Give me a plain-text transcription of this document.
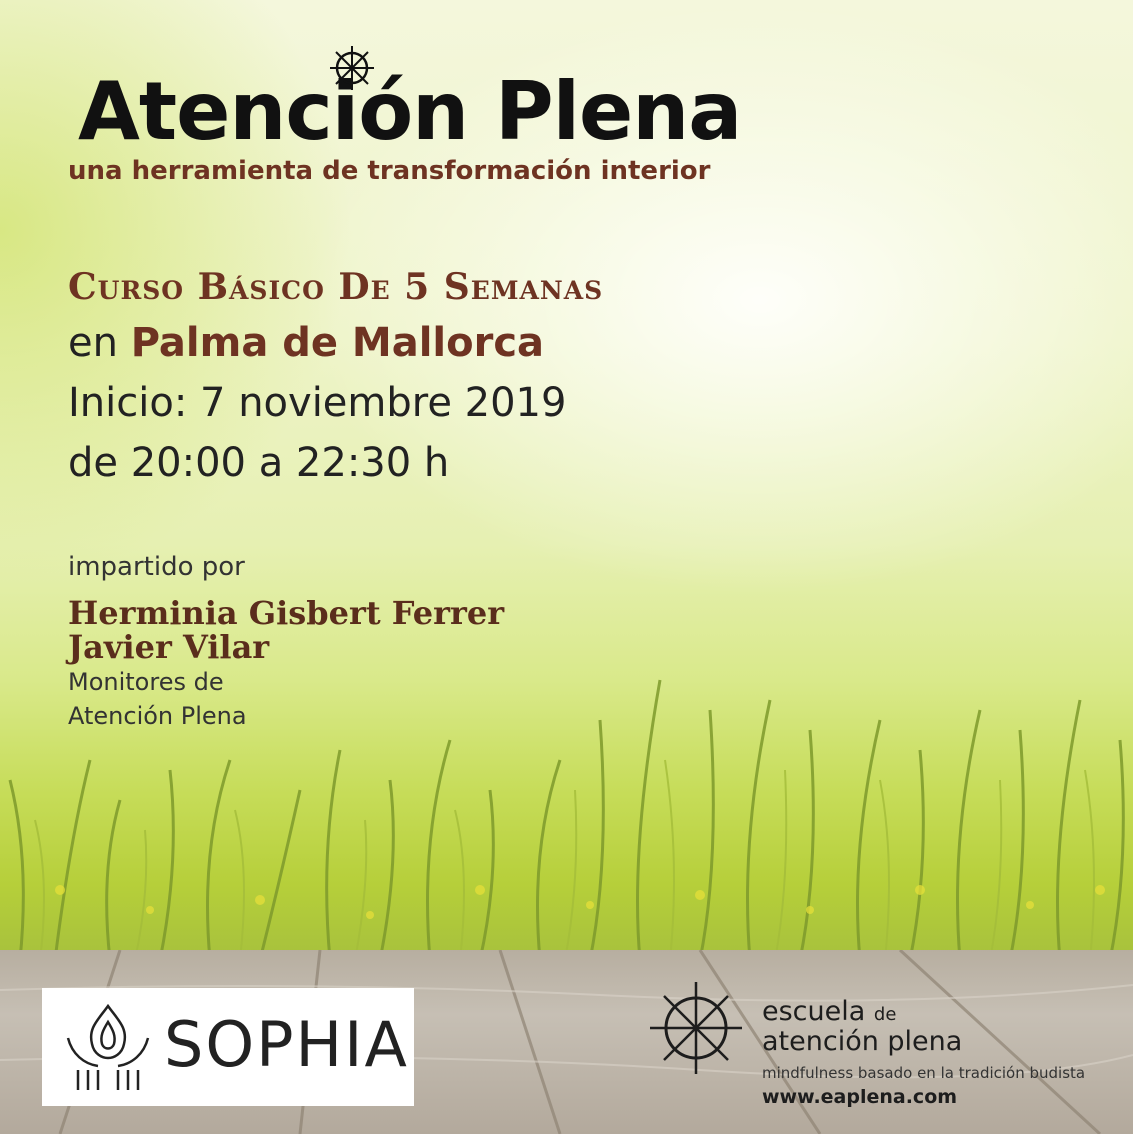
Atención Plena
una herramienta de transformación interior
Curso Básico De 5 Semanas
en Palma de Mallorca
Inicio: 7 noviembre 2019
de 20:00 a 22:30 h
impartido por
Herminia Gisbert Ferrer
Javier Vilar
Monitores de
Atención Plena
SOPHIA	escuela de
atención plena
mindfulness basado en la tradición budista
www.eaplena.com
